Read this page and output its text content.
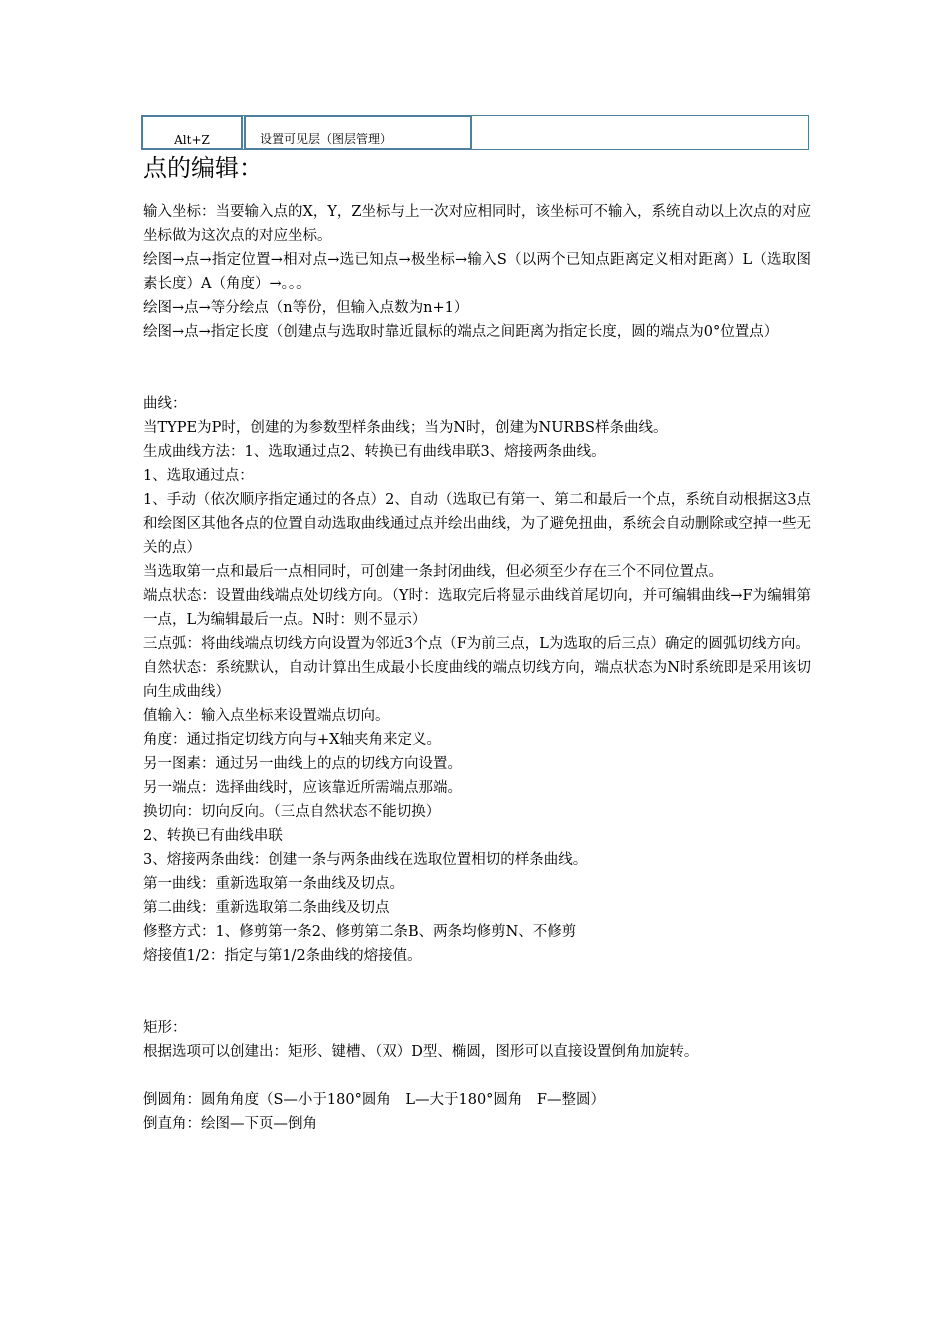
Alt+Z	设置可见层（图层管理）
点的编辑：

输入坐标：当要输入点的X，Y，Z坐标与上一次对应相同时，该坐标可不输入，系统自动以上次点的对应坐标做为这次点的对应坐标。

绘图→点→指定位置→相对点→选已知点→极坐标→输入S（以两个已知点距离定义相对距离）L（选取图素长度）A（角度）→。。。

绘图→点→等分绘点（n等份，但输入点数为n+1）

绘图→点→指定长度（创建点与选取时靠近鼠标的端点之间距离为指定长度，圆的端点为0°位置点）

曲线：

当TYPE为P时，创建的为参数型样条曲线；当为N时，创建为NURBS样条曲线。

生成曲线方法：1、选取通过点2、转换已有曲线串联3、熔接两条曲线。

1、选取通过点：

1、手动（依次顺序指定通过的各点）2、自动（选取已有第一、第二和最后一个点，系统自动根据这3点和绘图区其他各点的位置自动选取曲线通过点并绘出曲线，为了避免扭曲，系统会自动删除或空掉一些无关的点）

当选取第一点和最后一点相同时，可创建一条封闭曲线，但必须至少存在三个不同位置点。

端点状态：设置曲线端点处切线方向。（Y时：选取完后将显示曲线首尾切向，并可编辑曲线→F为编辑第一点，L为编辑最后一点。N时：则不显示）

三点弧：将曲线端点切线方向设置为邻近3个点（F为前三点，L为选取的后三点）确定的圆弧切线方向。

自然状态：系统默认，自动计算出生成最小长度曲线的端点切线方向，端点状态为N时系统即是采用该切向生成曲线）

值输入：输入点坐标来设置端点切向。

角度：通过指定切线方向与+X轴夹角来定义。

另一图素：通过另一曲线上的点的切线方向设置。

另一端点：选择曲线时，应该靠近所需端点那端。

换切向：切向反向。（三点自然状态不能切换）

2、转换已有曲线串联

3、熔接两条曲线：创建一条与两条曲线在选取位置相切的样条曲线。

第一曲线：重新选取第一条曲线及切点。

第二曲线：重新选取第二条曲线及切点

修整方式：1、修剪第一条2、修剪第二条B、两条均修剪N、不修剪

熔接值1/2：指定与第1/2条曲线的熔接值。

矩形：

根据选项可以创建出：矩形、键槽、（双）D型、椭圆，图形可以直接设置倒角加旋转。

倒圆角：圆角角度（S—小于180°圆角　L—大于180°圆角　F—整圆）

倒直角：绘图—下页—倒角
